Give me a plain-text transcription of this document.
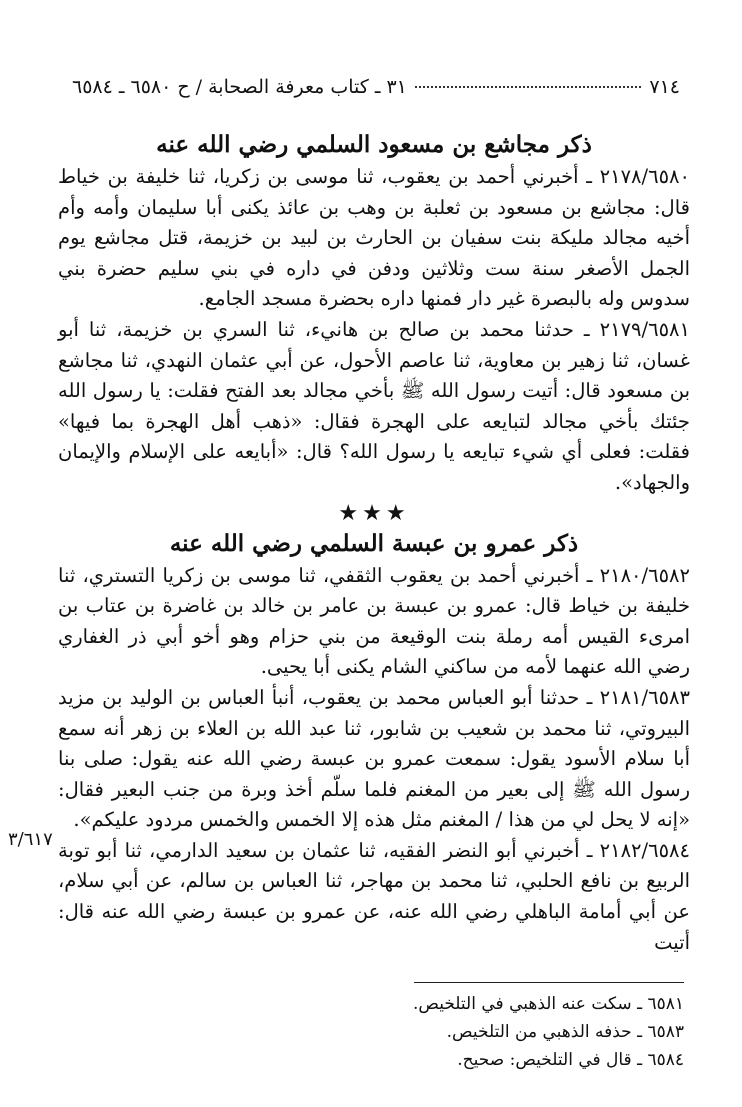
٧١٤
٣١ ـ كتاب معرفة الصحابة / ح ٦٥٨٠ ـ ٦٥٨٤
ذكر مجاشع بن مسعود السلمي رضي الله عنه

٢١٧٨/٦٥٨٠ ـ أخبرني أحمد بن يعقوب، ثنا موسى بن زكريا، ثنا خليفة بن خياط قال: مجاشع بن مسعود بن ثعلبة بن وهب بن عائذ يكنى أبا سليمان وأمه وأم أخيه مجالد مليكة بنت سفيان بن الحارث بن لبيد بن خزيمة، قتل مجاشع يوم الجمل الأصغر سنة ست وثلاثين ودفن في داره في بني سليم حضرة بني سدوس وله بالبصرة غير دار فمنها داره بحضرة مسجد الجامع.

٢١٧٩/٦٥٨١ ـ حدثنا محمد بن صالح بن هانيء، ثنا السري بن خزيمة، ثنا أبو غسان، ثنا زهير بن معاوية، ثنا عاصم الأحول، عن أبي عثمان النهدي، ثنا مجاشع بن مسعود قال: أتيت رسول الله ﷺ بأخي مجالد بعد الفتح فقلت: يا رسول الله جئتك بأخي مجالد لتبايعه على الهجرة فقال: «ذهب أهل الهجرة بما فيها» فقلت: فعلى أي شيء تبايعه يا رسول الله؟ قال: «أبايعه على الإسلام والإيمان والجهاد».

★★★
ذكر عمرو بن عبسة السلمي رضي الله عنه

٢١٨٠/٦٥٨٢ ـ أخبرني أحمد بن يعقوب الثقفي، ثنا موسى بن زكريا التستري، ثنا خليفة بن خياط قال: عمرو بن عبسة بن عامر بن خالد بن غاضرة بن عتاب بن امرىء القيس أمه رملة بنت الوقيعة من بني حزام وهو أخو أبي ذر الغفاري رضي الله عنهما لأمه من ساكني الشام يكنى أبا يحيى.

٢١٨١/٦٥٨٣ ـ حدثنا أبو العباس محمد بن يعقوب، أنبأ العباس بن الوليد بن مزيد البيروتي، ثنا محمد بن شعيب بن شابور، ثنا عبد الله بن العلاء بن زهر أنه سمع أبا سلام الأسود يقول: سمعت عمرو بن عبسة رضي الله عنه يقول: صلى بنا رسول الله ﷺ إلى بعير من المغنم فلما سلّم أخذ وبرة من جنب البعير فقال: «إنه لا يحل لي من هذا / المغنم مثل هذه إلا الخمس والخمس مردود عليكم».

٢١٨٢/٦٥٨٤ ـ أخبرني أبو النضر الفقيه، ثنا عثمان بن سعيد الدارمي، ثنا أبو توبة الربيع بن نافع الحلبي، ثنا محمد بن مهاجر، ثنا العباس بن سالم، عن أبي سلام، عن أبي أمامة الباهلي رضي الله عنه، عن عمرو بن عبسة رضي الله عنه قال: أتيت

٣/٦١٧
٦٥٨١ ـ سكت عنه الذهبي في التلخيص.
٦٥٨٣ ـ حذفه الذهبي من التلخيص.
٦٥٨٤ ـ قال في التلخيص: صحيح.
